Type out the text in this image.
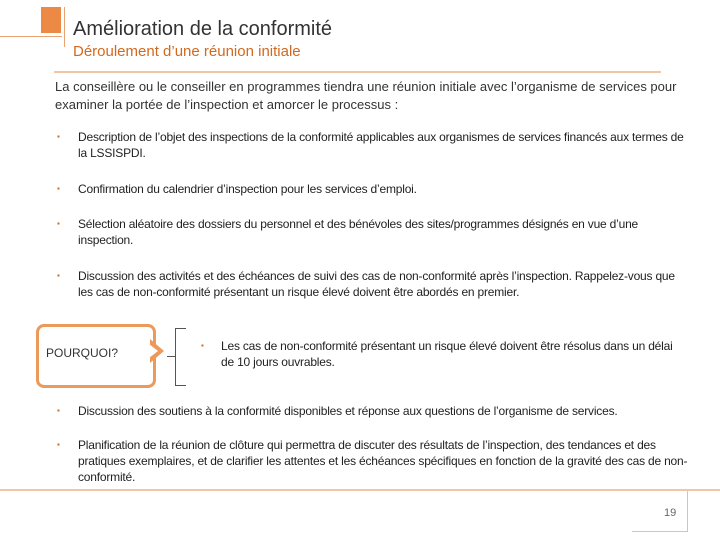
Amélioration de la conformité
Déroulement d’une réunion initiale
La conseillère ou le conseiller en programmes tiendra une réunion initiale avec l’organisme de services pour examiner la portée de l’inspection et amorcer le processus :
▪ Description de l’objet des inspections de la conformité applicables aux organismes de services financés aux termes de la LSSISPDI.
▪ Confirmation du calendrier d’inspection pour les services d’emploi.
▪ Sélection aléatoire des dossiers du personnel et des bénévoles des sites/programmes désignés en vue d’une inspection.
▪ Discussion des activités et des échéances de suivi des cas de non-conformité après l’inspection. Rappelez-vous que les cas de non-conformité présentant un risque élevé doivent être abordés en premier.
POURQUOI?
▪ Les cas de non-conformité présentant un risque élevé doivent être résolus dans un délai de 10 jours ouvrables.
▪ Discussion des soutiens à la conformité disponibles et réponse aux questions de l’organisme de services.
▪ Planification de la réunion de clôture qui permettra de discuter des résultats de l’inspection, des tendances et des pratiques exemplaires, et de clarifier les attentes et les échéances spécifiques en fonction de la gravité des cas de non-conformité.
19
